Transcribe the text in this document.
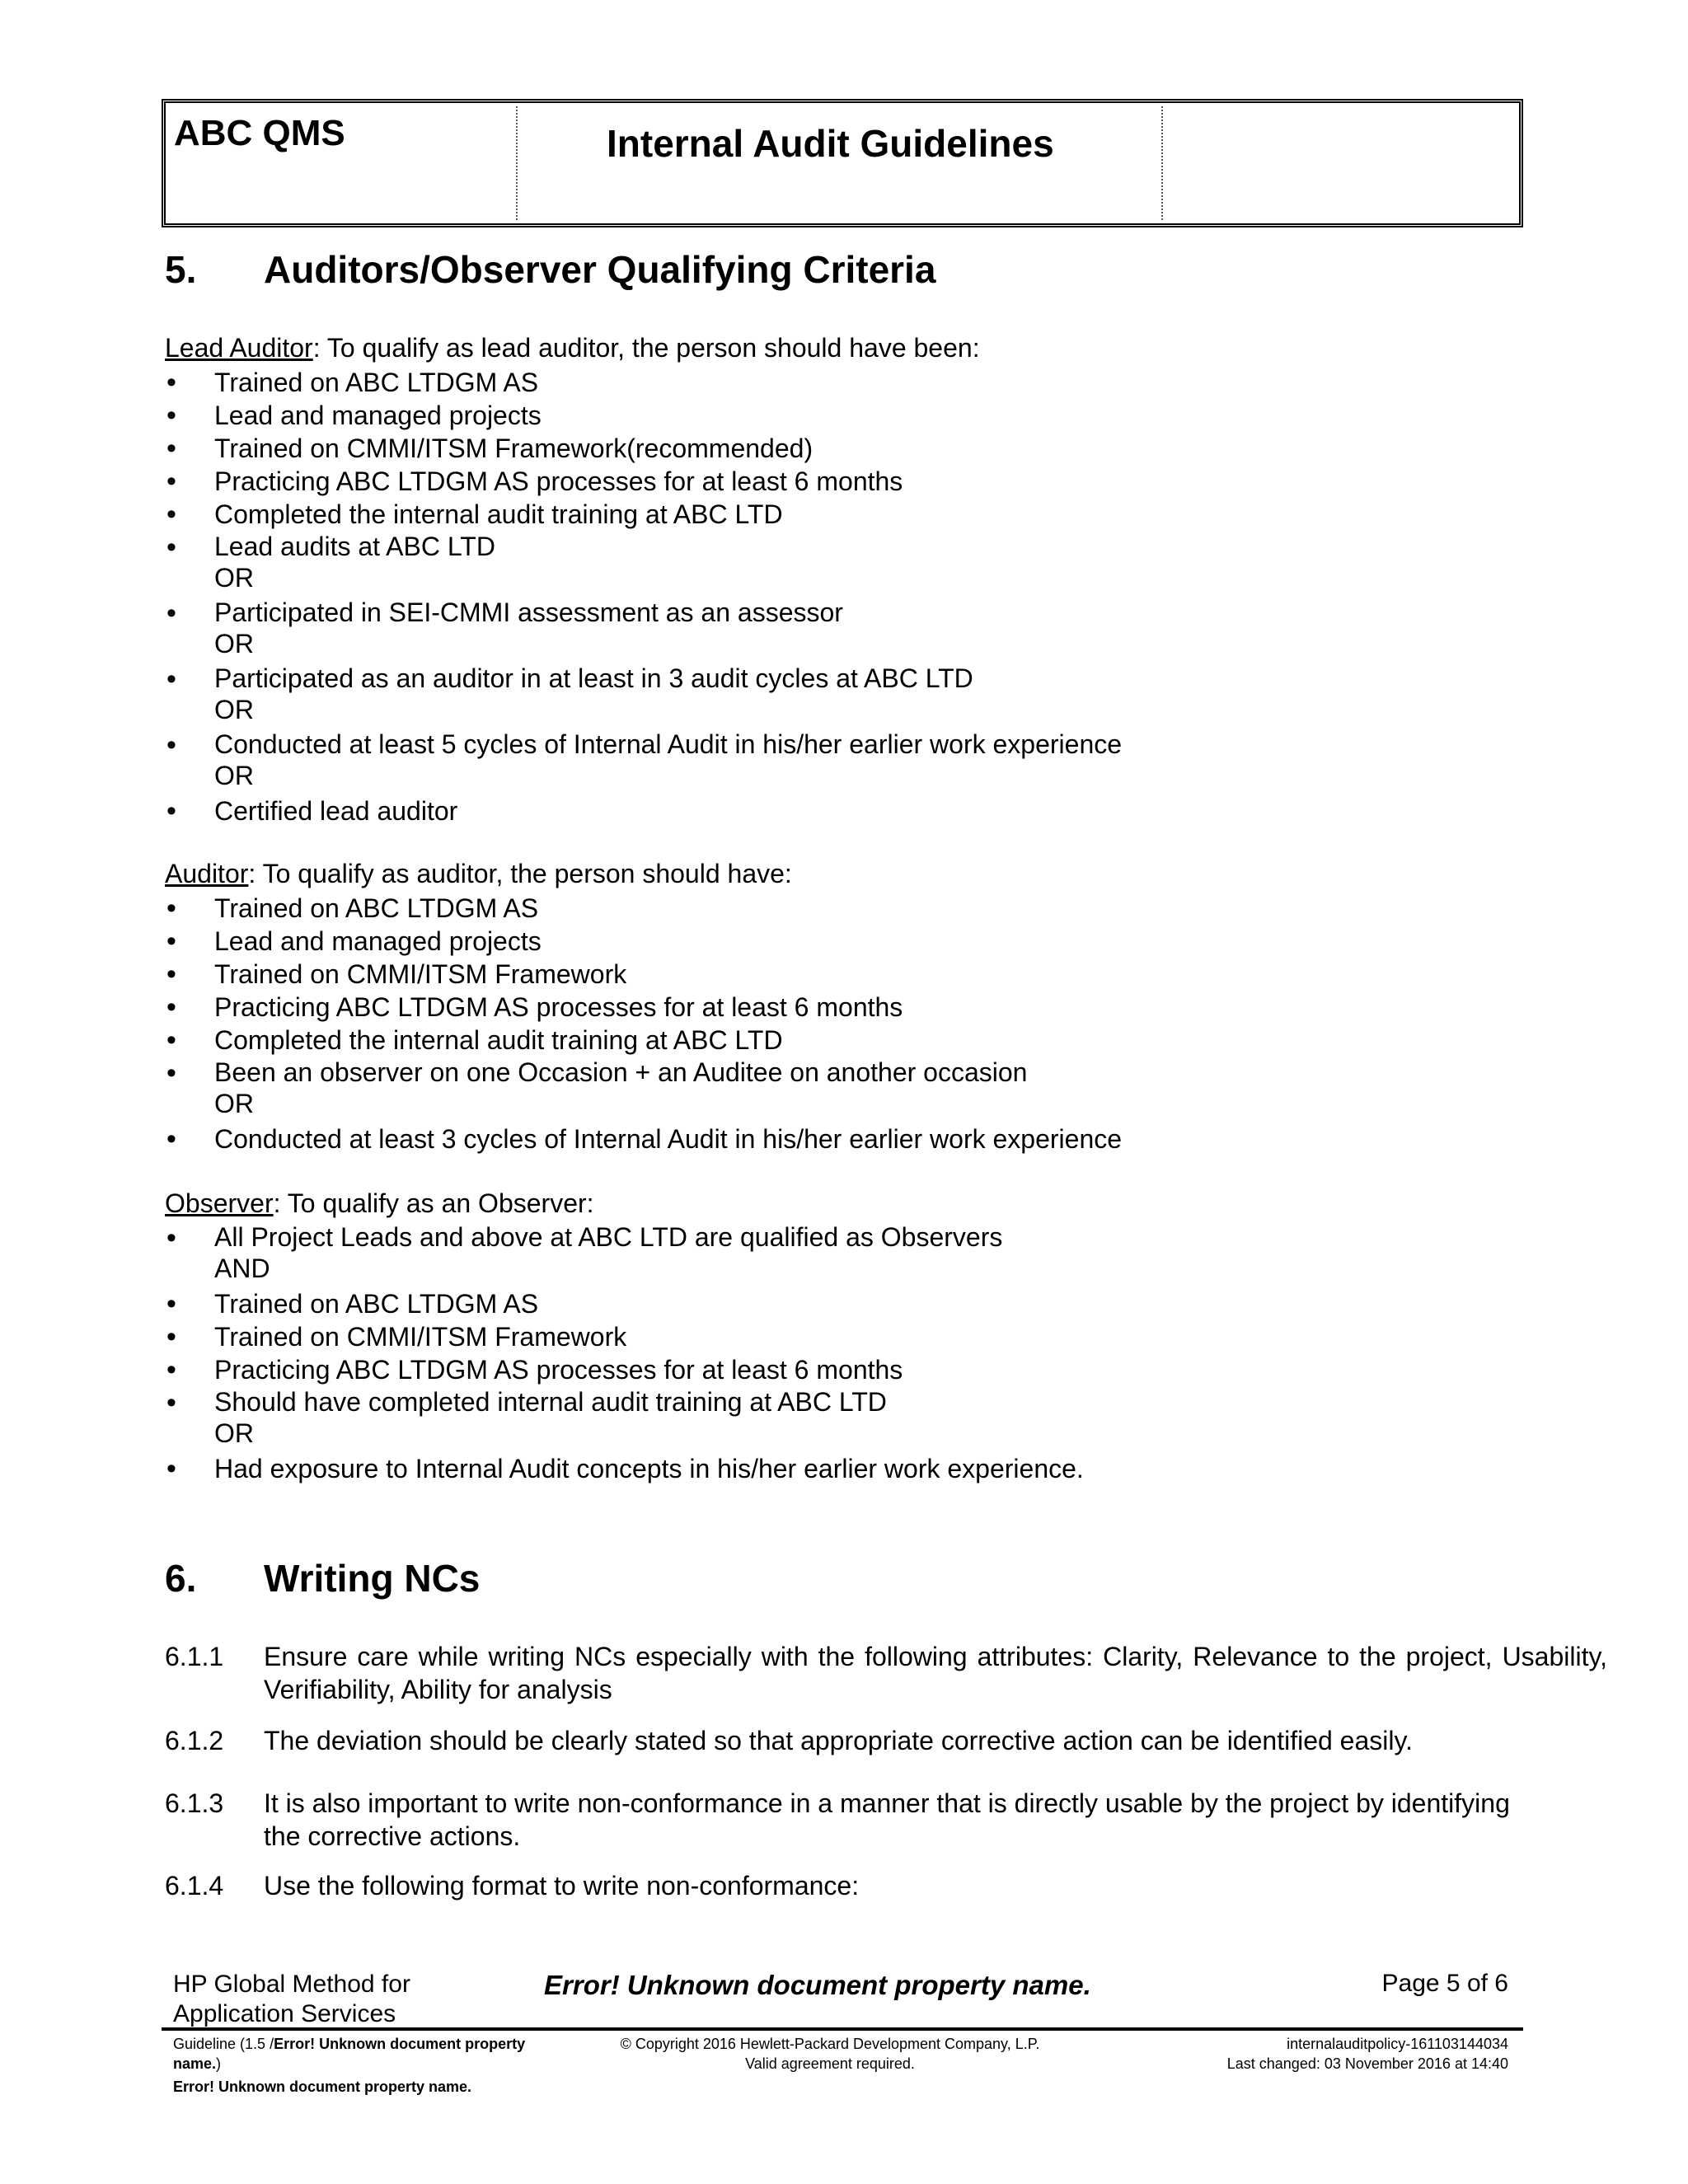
ABC QMS	Internal Audit Guidelines
5. Auditors/Observer Qualifying Criteria
Lead Auditor: To qualify as lead auditor, the person should have been:
• Trained on ABC LTDGM AS
• Lead and managed projects
• Trained on CMMI/ITSM Framework(recommended)
• Practicing ABC LTDGM AS processes for at least 6 months
• Completed the internal audit training at ABC LTD
• Lead audits at ABC LTD
OR
• Participated in SEI-CMMI assessment as an assessor
OR
• Participated as an auditor in at least in 3 audit cycles at ABC LTD
OR
• Conducted at least 5 cycles of Internal Audit in his/her earlier work experience
OR
• Certified lead auditor
Auditor: To qualify as auditor, the person should have:
• Trained on ABC LTDGM AS
• Lead and managed projects
• Trained on CMMI/ITSM Framework
• Practicing ABC LTDGM AS processes for at least 6 months
• Completed the internal audit training at ABC LTD
• Been an observer on one Occasion + an Auditee on another occasion
OR
• Conducted at least 3 cycles of Internal Audit in his/her earlier work experience
Observer: To qualify as an Observer:
• All Project Leads and above at ABC LTD are qualified as Observers
AND
• Trained on ABC LTDGM AS
• Trained on CMMI/ITSM Framework
• Practicing ABC LTDGM AS processes for at least 6 months
• Should have completed internal audit training at ABC LTD
OR
• Had exposure to Internal Audit concepts in his/her earlier work experience.
6. Writing NCs
6.1.1 Ensure care while writing NCs especially with the following attributes: Clarity, Relevance to the project, Usability, Verifiability, Ability for analysis
6.1.2 The deviation should be clearly stated so that appropriate corrective action can be identified easily.
6.1.3 It is also important to write non-conformance in a manner that is directly usable by the project by identifying the corrective actions.
6.1.4 Use the following format to write non-conformance:
HP Global Method for
Application Services
Error! Unknown document property name.	Page 5 of 6
Guideline (1.5 /Error! Unknown document property name.)
Error! Unknown document property name.
© Copyright 2016 Hewlett-Packard Development Company, L.P.
Valid agreement required.
internalauditpolicy-161103144034
Last changed: 03 November 2016 at 14:40
